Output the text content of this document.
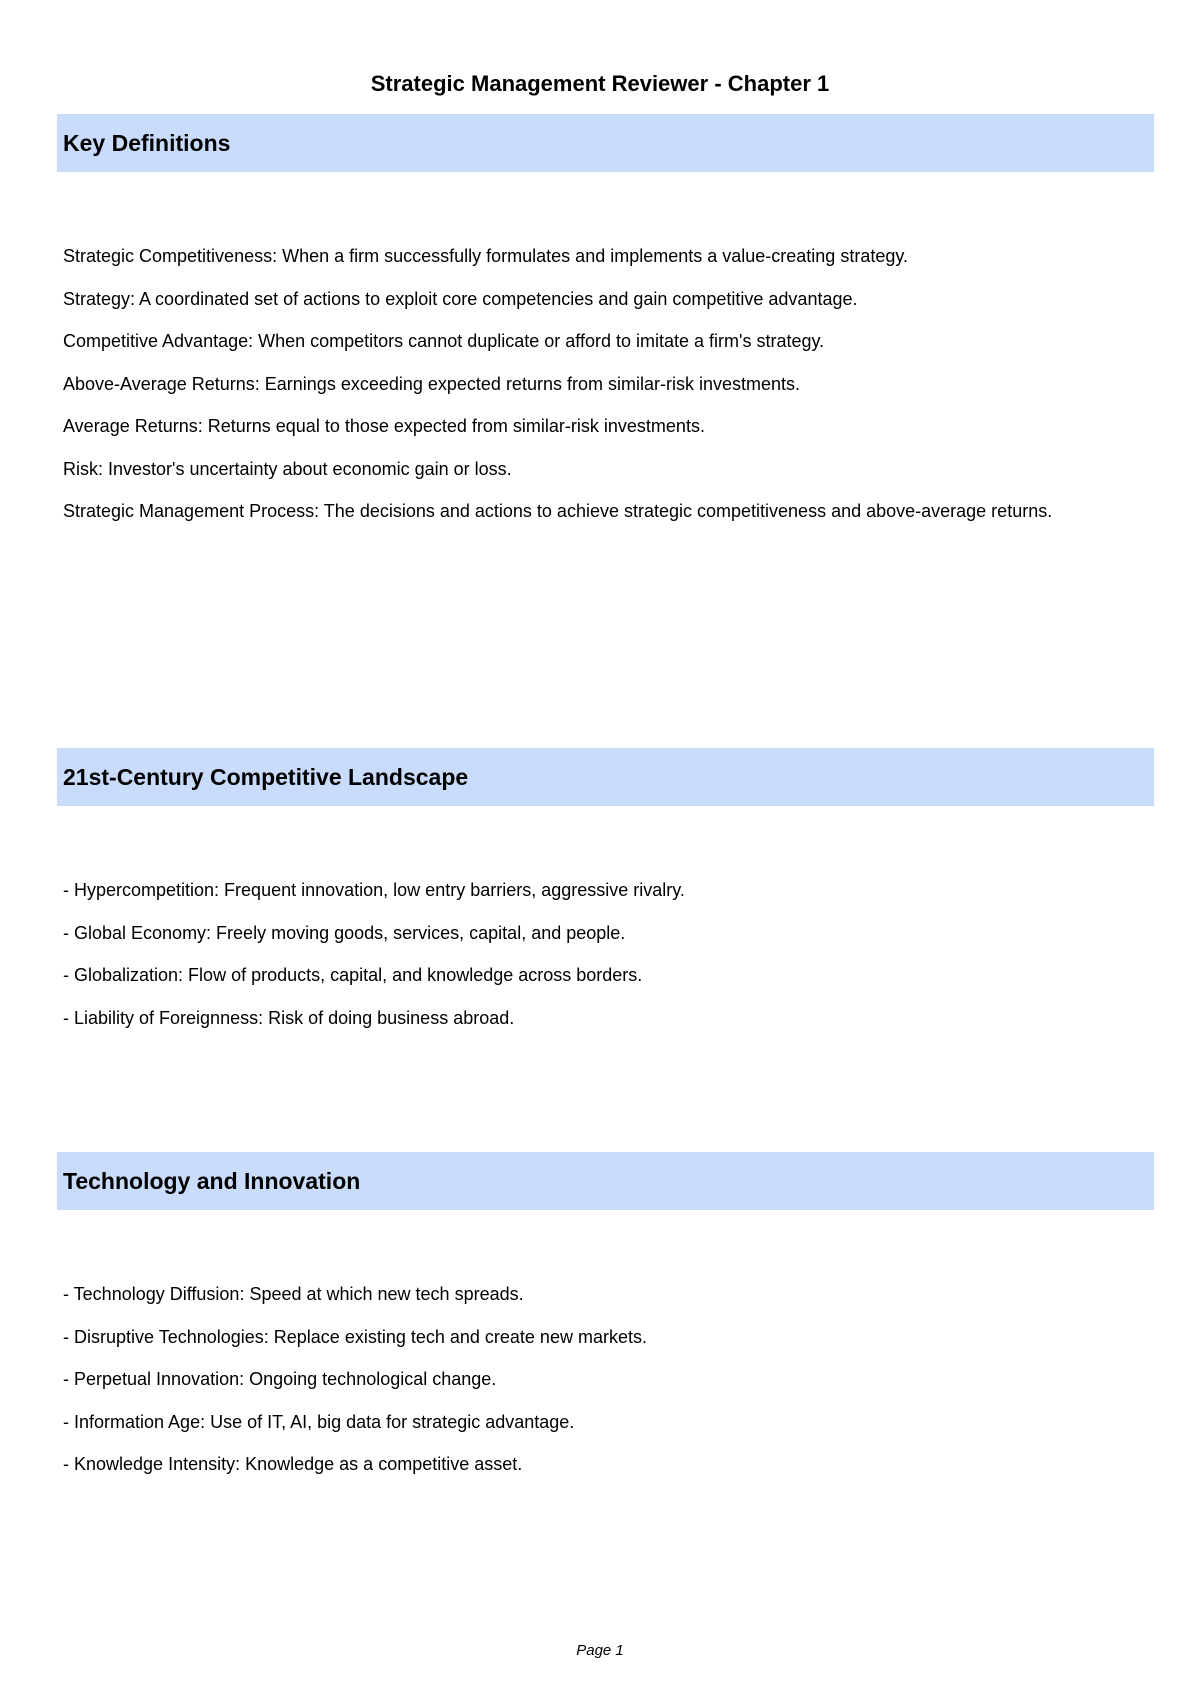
Strategic Management Reviewer - Chapter 1
Key Definitions
Strategic Competitiveness: When a firm successfully formulates and implements a value-creating strategy.
Strategy: A coordinated set of actions to exploit core competencies and gain competitive advantage.
Competitive Advantage: When competitors cannot duplicate or afford to imitate a firm's strategy.
Above-Average Returns: Earnings exceeding expected returns from similar-risk investments.
Average Returns: Returns equal to those expected from similar-risk investments.
Risk: Investor's uncertainty about economic gain or loss.
Strategic Management Process: The decisions and actions to achieve strategic competitiveness and above-average returns.
21st-Century Competitive Landscape
- Hypercompetition: Frequent innovation, low entry barriers, aggressive rivalry.
- Global Economy: Freely moving goods, services, capital, and people.
- Globalization: Flow of products, capital, and knowledge across borders.
- Liability of Foreignness: Risk of doing business abroad.
Technology and Innovation
- Technology Diffusion: Speed at which new tech spreads.
- Disruptive Technologies: Replace existing tech and create new markets.
- Perpetual Innovation: Ongoing technological change.
- Information Age: Use of IT, AI, big data for strategic advantage.
- Knowledge Intensity: Knowledge as a competitive asset.
Page 1
